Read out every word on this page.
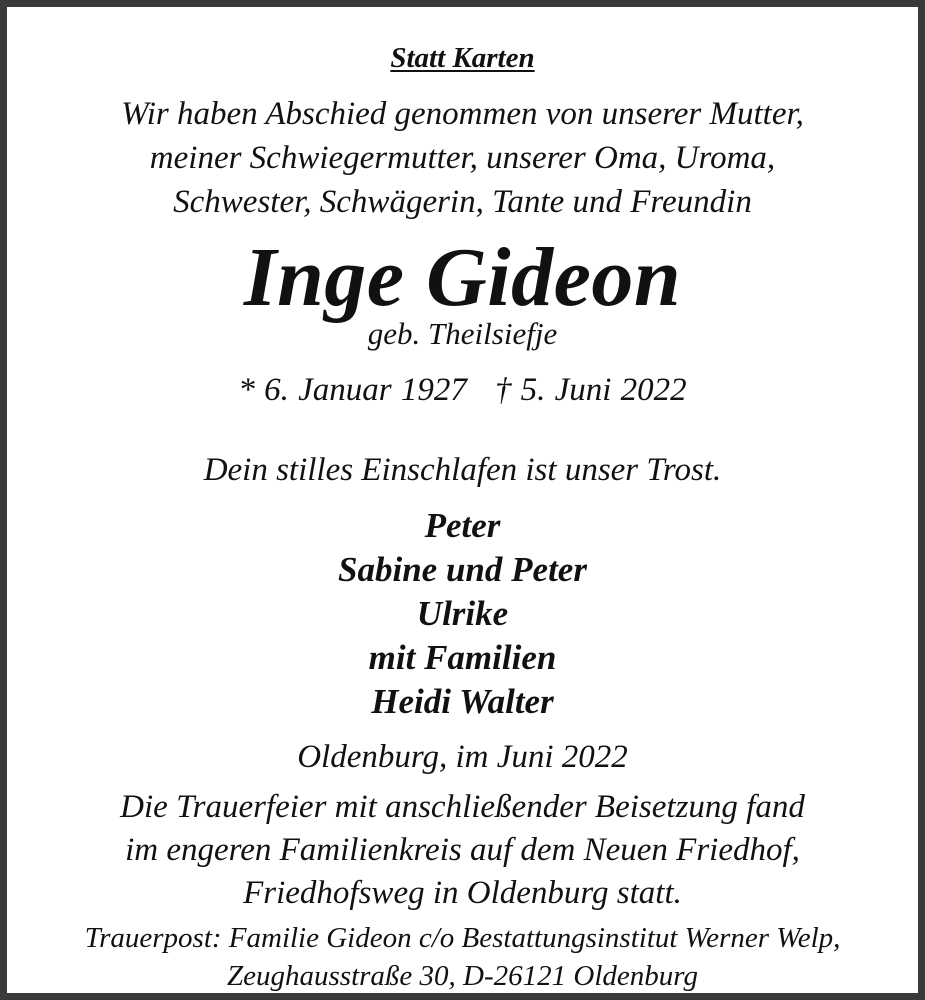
Statt Karten
Wir haben Abschied genommen von unserer Mutter,
meiner Schwiegermutter, unserer Oma, Uroma,
Schwester, Schwägerin, Tante und Freundin
Inge Gideon
geb. Theilsiefje
* 6. Januar 1927 † 5. Juni 2022
Dein stilles Einschlafen ist unser Trost.
Peter
Sabine und Peter
Ulrike
mit Familien
Heidi Walter
Oldenburg, im Juni 2022
Die Trauerfeier mit anschließender Beisetzung fand
im engeren Familienkreis auf dem Neuen Friedhof,
Friedhofsweg in Oldenburg statt.
Trauerpost: Familie Gideon c/o Bestattungsinstitut Werner Welp,
Zeughausstraße 30, D-26121 Oldenburg
